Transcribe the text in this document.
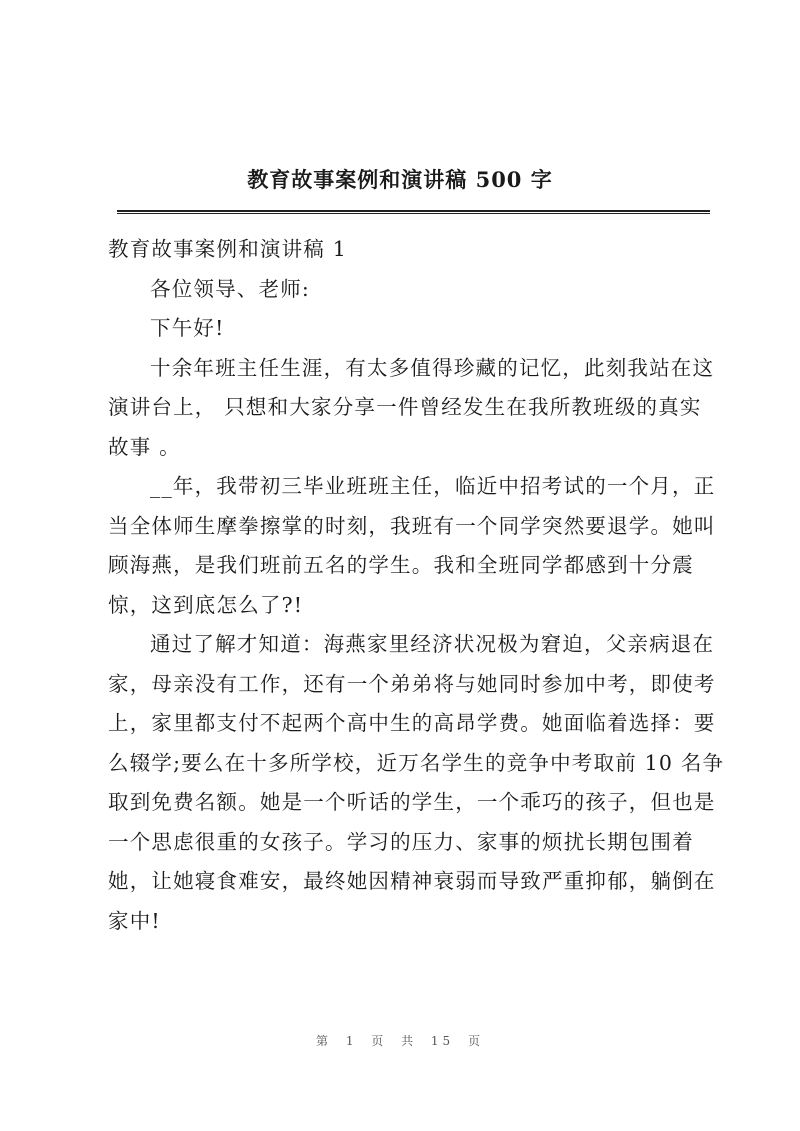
教育故事案例和演讲稿 500 字

教育故事案例和演讲稿 1

各位领导、老师:

下午好!

十余年班主任生涯，有太多值得珍藏的记忆，此刻我站在这
演讲台上， 只想和大家分享一件曾经发生在我所教班级的真实
故事 。

__年，我带初三毕业班班主任，临近中招考试的一个月，正
当全体师生摩拳擦掌的时刻，我班有一个同学突然要退学。她叫
顾海燕，是我们班前五名的学生。我和全班同学都感到十分震
惊，这到底怎么了?!

通过了解才知道：海燕家里经济状况极为窘迫，父亲病退在
家，母亲没有工作，还有一个弟弟将与她同时参加中考，即使考
上，家里都支付不起两个高中生的高昂学费。她面临着选择：要
么辍学;要么在十多所学校，近万名学生的竞争中考取前 10 名争
取到免费名额。她是一个听话的学生，一个乖巧的孩子，但也是
一个思虑很重的女孩子。学习的压力、家事的烦扰长期包围着
她，让她寝食难安，最终她因精神衰弱而导致严重抑郁，躺倒在
家中!

第 1 页 共 15 页
